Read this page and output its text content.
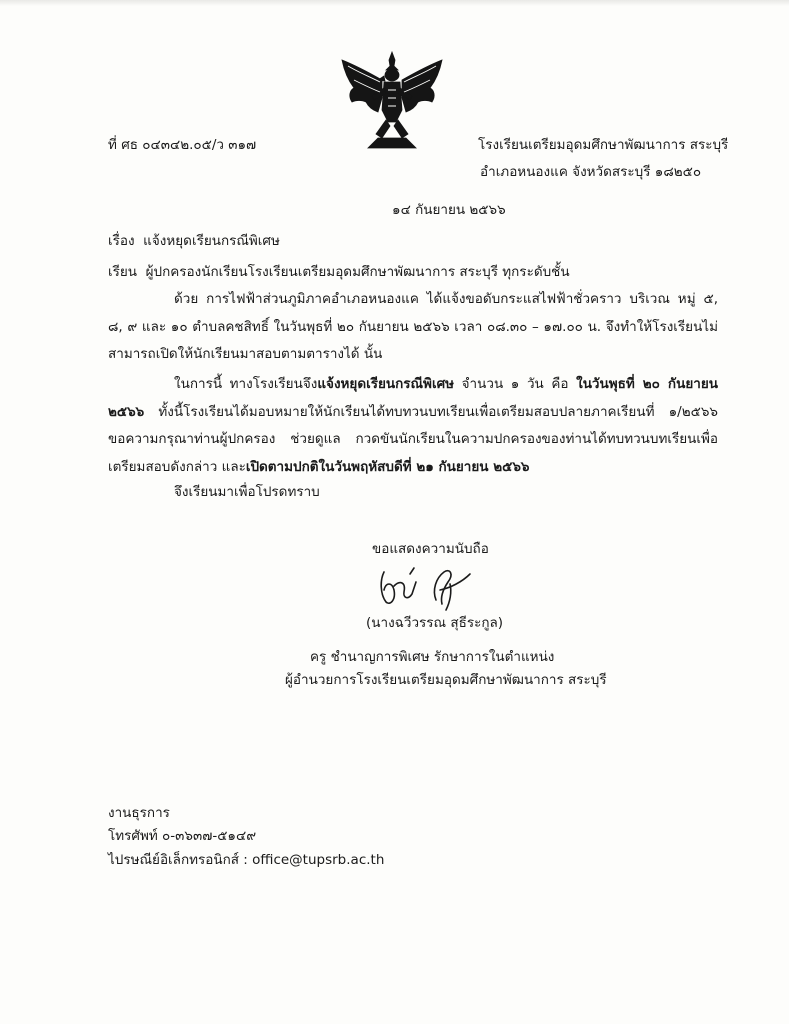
ที่ ศธ ๐๔๓๔๒.๐๕/ว ๓๑๗	โรงเรียนเตรียมอุดมศึกษาพัฒนาการ สระบุรี
อำเภอหนองแค จังหวัดสระบุรี ๑๘๒๕๐
๑๔ กันยายน ๒๕๖๖
เรื่อง แจ้งหยุดเรียนกรณีพิเศษ
เรียน ผู้ปกครองนักเรียนโรงเรียนเตรียมอุดมศึกษาพัฒนาการ สระบุรี ทุกระดับชั้น

ด้วย การไฟฟ้าส่วนภูมิภาคอำเภอหนองแค ได้แจ้งขอดับกระแสไฟฟ้าชั่วคราว บริเวณ หมู่ ๕, ๘, ๙ และ ๑๐ ตำบลคชสิทธิ์ ในวันพุธที่ ๒๐ กันยายน ๒๕๖๖ เวลา ๐๘.๓๐ – ๑๗.๐๐ น. จึงทำให้โรงเรียนไม่สามารถเปิดให้นักเรียนมาสอบตามตารางได้ นั้น

ในการนี้ ทางโรงเรียนจึงแจ้งหยุดเรียนกรณีพิเศษ จำนวน ๑ วัน คือ ในวันพุธที่ ๒๐ กันยายน ๒๕๖๖ ทั้งนี้โรงเรียนได้มอบหมายให้นักเรียนได้ทบทวนบทเรียนเพื่อเตรียมสอบปลายภาคเรียนที่ ๑/๒๕๖๖ ขอความกรุณาท่านผู้ปกครอง ช่วยดูแล กวดขันนักเรียนในความปกครองของท่านได้ทบทวนบทเรียนเพื่อเตรียมสอบดังกล่าว และเปิดตามปกติในวันพฤหัสบดีที่ ๒๑ กันยายน ๒๕๖๖

จึงเรียนมาเพื่อโปรดทราบ
ขอแสดงความนับถือ
(นางฉวีวรรณ สุธีระกูล)
ครู ชำนาญการพิเศษ รักษาการในตำแหน่ง
ผู้อำนวยการโรงเรียนเตรียมอุดมศึกษาพัฒนาการ สระบุรี
งานธุรการ
โทรศัพท์ ๐-๓๖๓๗-๕๑๔๙
ไปรษณีย์อิเล็กทรอนิกส์ : office@tupsrb.ac.th
